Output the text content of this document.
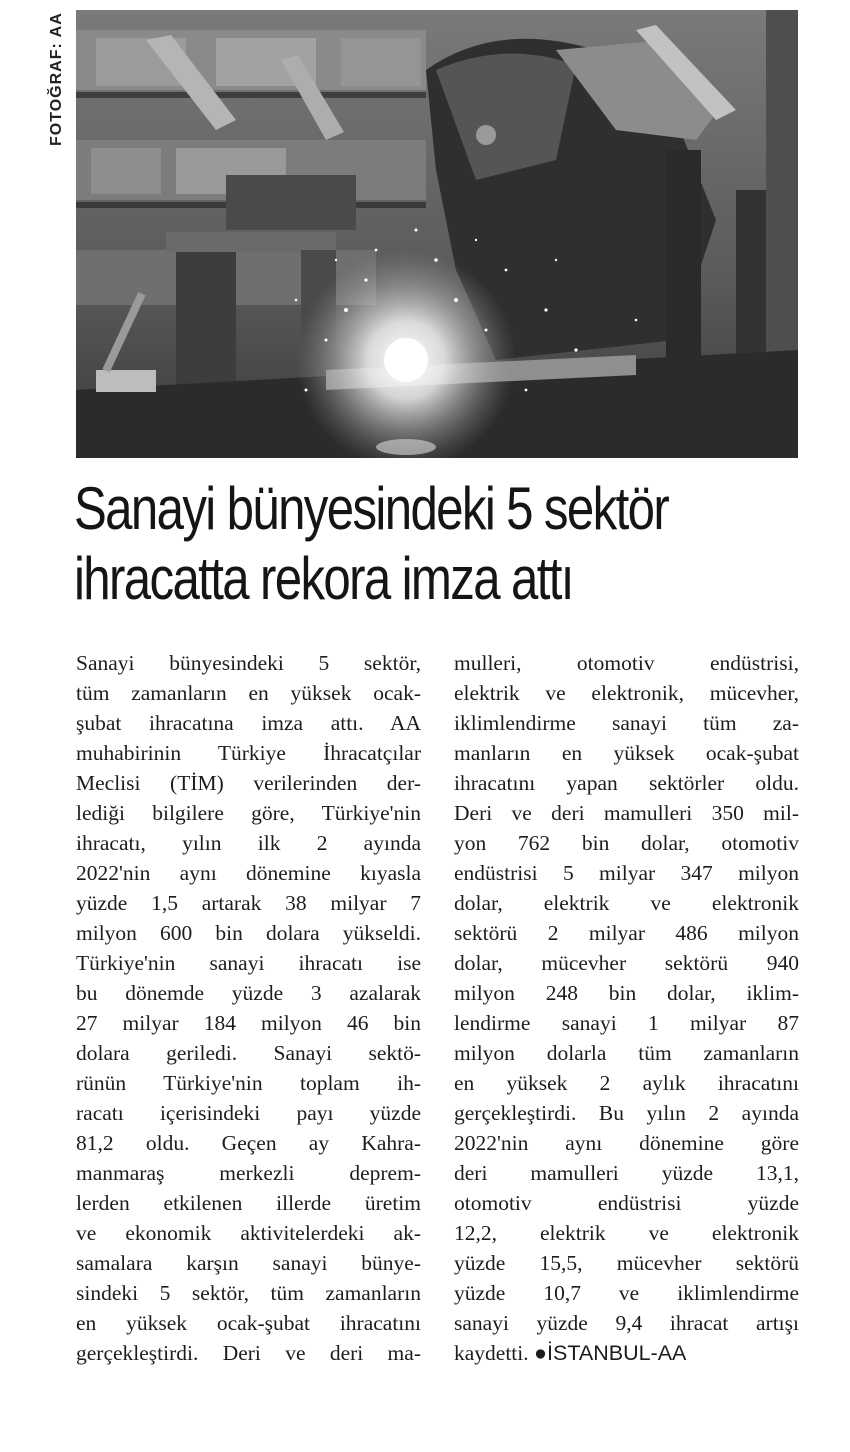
FOTOĞRAF: AA
Sanayi bünyesindeki 5 sektör
ihracatta rekora imza attı
Sanayi bünyesindeki 5 sektör,
tüm zamanların en yüksek ocak-
şubat ihracatına imza attı. AA
muhabirinin Türkiye İhracatçılar
Meclisi (TİM) verilerinden der-
lediği bilgilere göre, Türkiye'nin
ihracatı, yılın ilk 2 ayında
2022'nin aynı dönemine kıyasla
yüzde 1,5 artarak 38 milyar 7
milyon 600 bin dolara yükseldi.
Türkiye'nin sanayi ihracatı ise
bu dönemde yüzde 3 azalarak
27 milyar 184 milyon 46 bin
dolara geriledi. Sanayi sektö-
rünün Türkiye'nin toplam ih-
racatı içerisindeki payı yüzde
81,2 oldu. Geçen ay Kahra-
manmaraş merkezli deprem-
lerden etkilenen illerde üretim
ve ekonomik aktivitelerdeki ak-
samalara karşın sanayi bünye-
sindeki 5 sektör, tüm zamanların
en yüksek ocak-şubat ihracatını
gerçekleştirdi. Deri ve deri ma-
mulleri, otomotiv endüstrisi,
elektrik ve elektronik, mücevher,
iklimlendirme sanayi tüm za-
manların en yüksek ocak-şubat
ihracatını yapan sektörler oldu.
Deri ve deri mamulleri 350 mil-
yon 762 bin dolar, otomotiv
endüstrisi 5 milyar 347 milyon
dolar, elektrik ve elektronik
sektörü 2 milyar 486 milyon
dolar, mücevher sektörü 940
milyon 248 bin dolar, iklim-
lendirme sanayi 1 milyar 87
milyon dolarla tüm zamanların
en yüksek 2 aylık ihracatını
gerçekleştirdi. Bu yılın 2 ayında
2022'nin aynı dönemine göre
deri mamulleri yüzde 13,1,
otomotiv endüstrisi yüzde
12,2, elektrik ve elektronik
yüzde 15,5, mücevher sektörü
yüzde 10,7 ve iklimlendirme
sanayi yüzde 9,4 ihracat artışı
kaydetti. ●İSTANBUL-AA
